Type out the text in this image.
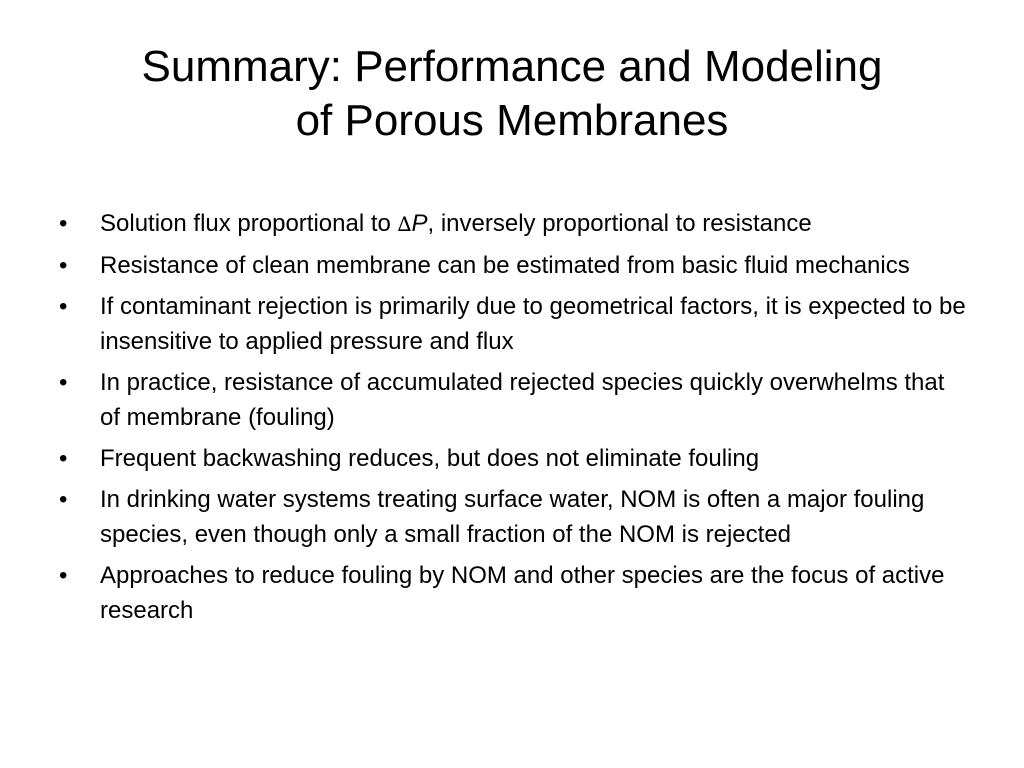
Summary: Performance and Modeling
of Porous Membranes
• Solution flux proportional to ∆P, inversely proportional to resistance
• Resistance of clean membrane can be estimated from basic fluid mechanics
• If contaminant rejection is primarily due to geometrical factors, it is expected to be insensitive to applied pressure and flux
• In practice, resistance of accumulated rejected species quickly overwhelms that of membrane (fouling)
• Frequent backwashing reduces, but does not eliminate fouling
• In drinking water systems treating surface water, NOM is often a major fouling species, even though only a small fraction of the NOM is rejected
• Approaches to reduce fouling by NOM and other species are the focus of active research
